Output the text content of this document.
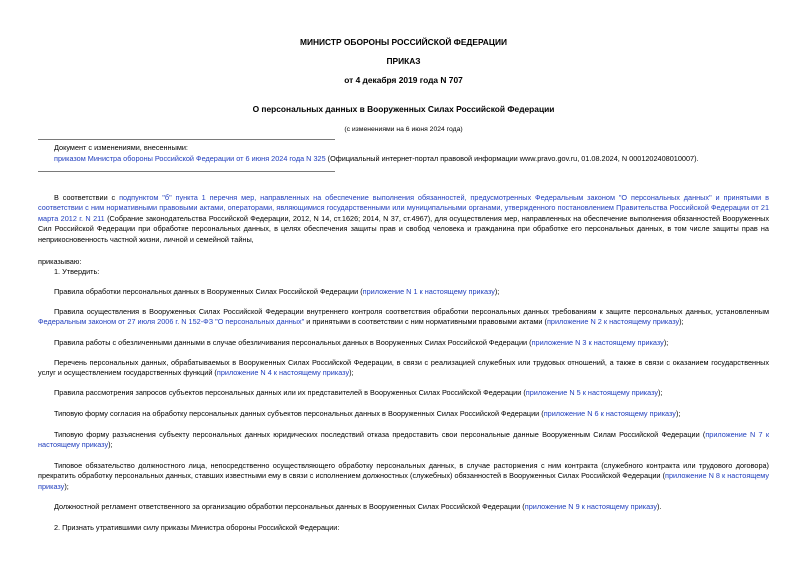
МИНИСТР ОБОРОНЫ РОССИЙСКОЙ ФЕДЕРАЦИИ
ПРИКАЗ
от 4 декабря 2019 года N 707
О персональных данных в Вооруженных Силах Российской Федерации
(с изменениями на 6 июня 2024 года)
Документ с изменениями, внесенными:
приказом Министра обороны Российской Федерации от 6 июня 2024 года N 325 (Официальный интернет-портал правовой информации www.pravo.gov.ru, 01.08.2024, N 0001202408010007).
В соответствии с подпунктом "б" пункта 1 перечня мер, направленных на обеспечение выполнения обязанностей, предусмотренных Федеральным законом "О персональных данных" и принятыми в соответствии с ним нормативными правовыми актами, операторами, являющимися государственными или муниципальными органами, утвержденного постановлением Правительства Российской Федерации от 21 марта 2012 г. N 211 (Собрание законодательства Российской Федерации, 2012, N 14, ст.1626; 2014, N 37, ст.4967), для осуществления мер, направленных на обеспечение выполнения обязанностей Вооруженных Сил Российской Федерации при обработке персональных данных, в целях обеспечения защиты прав и свобод человека и гражданина при обработке его персональных данных, в том числе защиты прав на неприкосновенность частной жизни, личной и семейной тайны,
приказываю:
1. Утвердить:
Правила обработки персональных данных в Вооруженных Силах Российской Федерации (приложение N 1 к настоящему приказу);
Правила осуществления в Вооруженных Силах Российской Федерации внутреннего контроля соответствия обработки персональных данных требованиям к защите персональных данных, установленным Федеральным законом от 27 июля 2006 г. N 152-ФЗ "О персональных данных" и принятыми в соответствии с ним нормативными правовыми актами (приложение N 2 к настоящему приказу);
Правила работы с обезличенными данными в случае обезличивания персональных данных в Вооруженных Силах Российской Федерации (приложение N 3 к настоящему приказу);
Перечень персональных данных, обрабатываемых в Вооруженных Силах Российской Федерации, в связи с реализацией служебных или трудовых отношений, а также в связи с оказанием государственных услуг и осуществлением государственных функций (приложение N 4 к настоящему приказу);
Правила рассмотрения запросов субъектов персональных данных или их представителей в Вооруженных Силах Российской Федерации (приложение N 5 к настоящему приказу);
Типовую форму согласия на обработку персональных данных субъектов персональных данных в Вооруженных Силах Российской Федерации (приложение N 6 к настоящему приказу);
Типовую форму разъяснения субъекту персональных данных юридических последствий отказа предоставить свои персональные данные Вооруженным Силам Российской Федерации (приложение N 7 к настоящему приказу);
Типовое обязательство должностного лица, непосредственно осуществляющего обработку персональных данных, в случае расторжения с ним контракта (служебного контракта или трудового договора) прекратить обработку персональных данных, ставших известными ему в связи с исполнением должностных (служебных) обязанностей в Вооруженных Силах Российской Федерации (приложение N 8 к настоящему приказу);
Должностной регламент ответственного за организацию обработки персональных данных в Вооруженных Силах Российской Федерации (приложение N 9 к настоящему приказу).
2. Признать утратившими силу приказы Министра обороны Российской Федерации:
